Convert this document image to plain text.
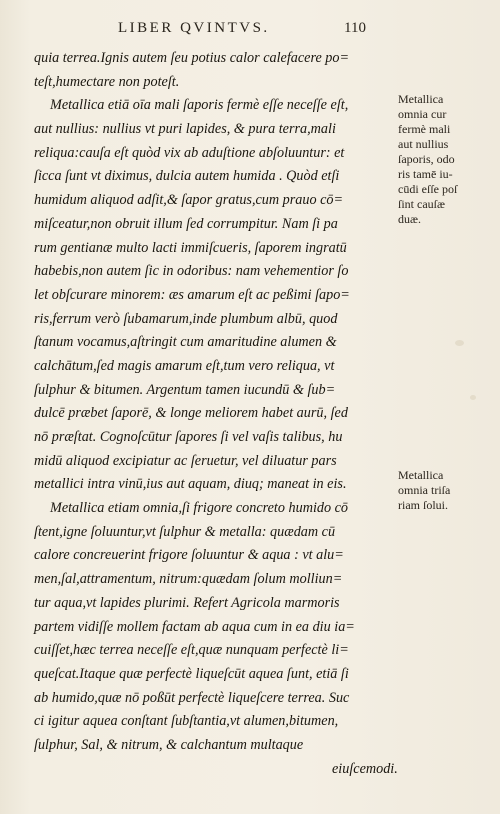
LIBER QVINTVS.	110
quia terrea.Ignis autem ſeu potius calor calefacere po=
teſt,humectare non poteſt.
Metallica etiā oīa mali ſaporis fermè eſſe neceſſe eſt,
aut nullius: nullius vt puri lapides, & pura terra,mali
reliqua:cauſa eſt quòd vix ab aduſtione abſoluuntur: et
ſicca ſunt vt diximus, dulcia autem humida . Quòd etſi
humidum aliquod adſit,& ſapor gratus,cum prauo cō=
miſceatur,non obruit illum ſed corrumpitur. Nam ſi pa
rum gentianæ multo lacti immiſcueris, ſaporem ingratū
habebis,non autem ſic in odoribus: nam vehementior ſo
let obſcurare minorem: æs amarum eſt ac peßimi ſapo=
ris,ferrum verò ſubamarum,inde plumbum albū, quod
ſtanum vocamus,aſtringit cum amaritudine alumen &
calchātum,ſed magis amarum eſt,tum vero reliqua, vt
ſulphur & bitumen. Argentum tamen iucundū & ſub=
dulcē præbet ſaporē, & longe meliorem habet aurū, ſed
nō præſtat. Cognoſcūtur ſapores ſi vel vaſis talibus, hu
midū aliquod excipiatur ac ſeruetur, vel diluatur pars
metallici intra vinū,ius aut aquam, diuq; maneat in eis.
Metallica etiam omnia,ſi frigore concreto humido cō
ſtent,igne ſoluuntur,vt ſulphur & metalla: quædam cū
calore concreuerint frigore ſoluuntur & aqua : vt alu=
men,ſal,attramentum, nitrum:quædam ſolum molliun=
tur aqua,vt lapides plurimi. Refert Agricola marmoris
partem vidiſſe mollem factam ab aqua cum in ea diu ia=
cuiſſet,hæc terrea neceſſe eſt,quæ nunquam perfectè li=
queſcat.Itaque quæ perfectè liqueſcūt aquea ſunt, etiā ſi
ab humido,quæ nō poßūt perfectè liqueſcere terrea. Suc
ci igitur aquea conſtant ſubſtantia,vt alumen,bitumen,
ſulphur, Sal, & nitrum, & calchantum multaque
eiuſcemodi.
Metallica
omnia cur
fermè mali
aut nullius
ſaporis, odo
ris tamē iu-
cūdi eſſe poſ
ſint cauſæ
duæ.
Metallica
omnia triſa
riam ſolui.
